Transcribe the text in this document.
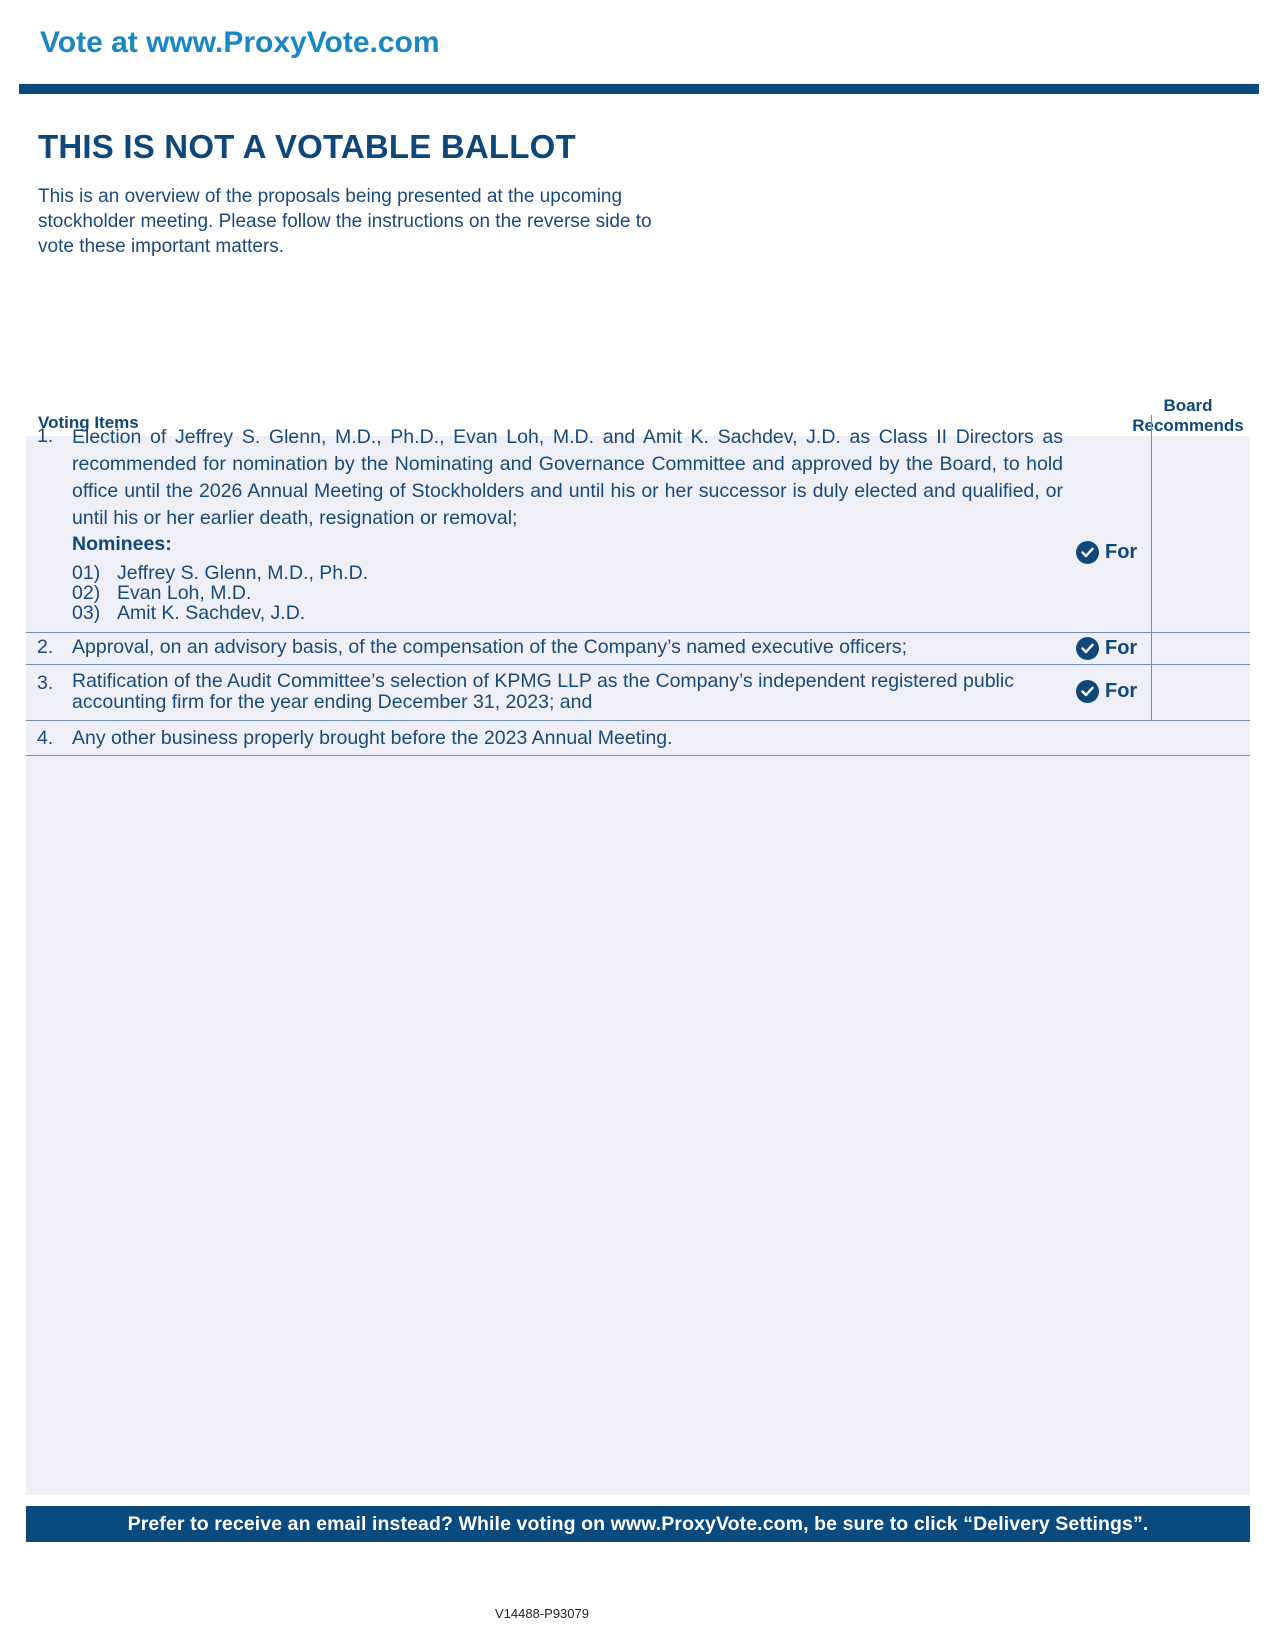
Vote at www.ProxyVote.com
THIS IS NOT A VOTABLE BALLOT
This is an overview of the proposals being presented at the upcoming stockholder meeting. Please follow the instructions on the reverse side to vote these important matters.
Voting Items
Board
Recommends
1. Election of Jeffrey S. Glenn, M.D., Ph.D., Evan Loh, M.D. and Amit K. Sachdev, J.D. as Class II Directors as recommended for nomination by the Nominating and Governance Committee and approved by the Board, to hold office until the 2026 Annual Meeting of Stockholders and until his or her successor is duly elected and qualified, or until his or her earlier death, resignation or removal;
Nominees:
01) Jeffrey S. Glenn, M.D., Ph.D.
02) Evan Loh, M.D.
03) Amit K. Sachdev, J.D.
For
2. Approval, on an advisory basis, of the compensation of the Company’s named executive officers;	For
3. Ratification of the Audit Committee’s selection of KPMG LLP as the Company’s independent registered public accounting firm for the year ending December 31, 2023; and	For
4. Any other business properly brought before the 2023 Annual Meeting.
Prefer to receive an email instead? While voting on www.ProxyVote.com, be sure to click “Delivery Settings”.
V14488-P93079
